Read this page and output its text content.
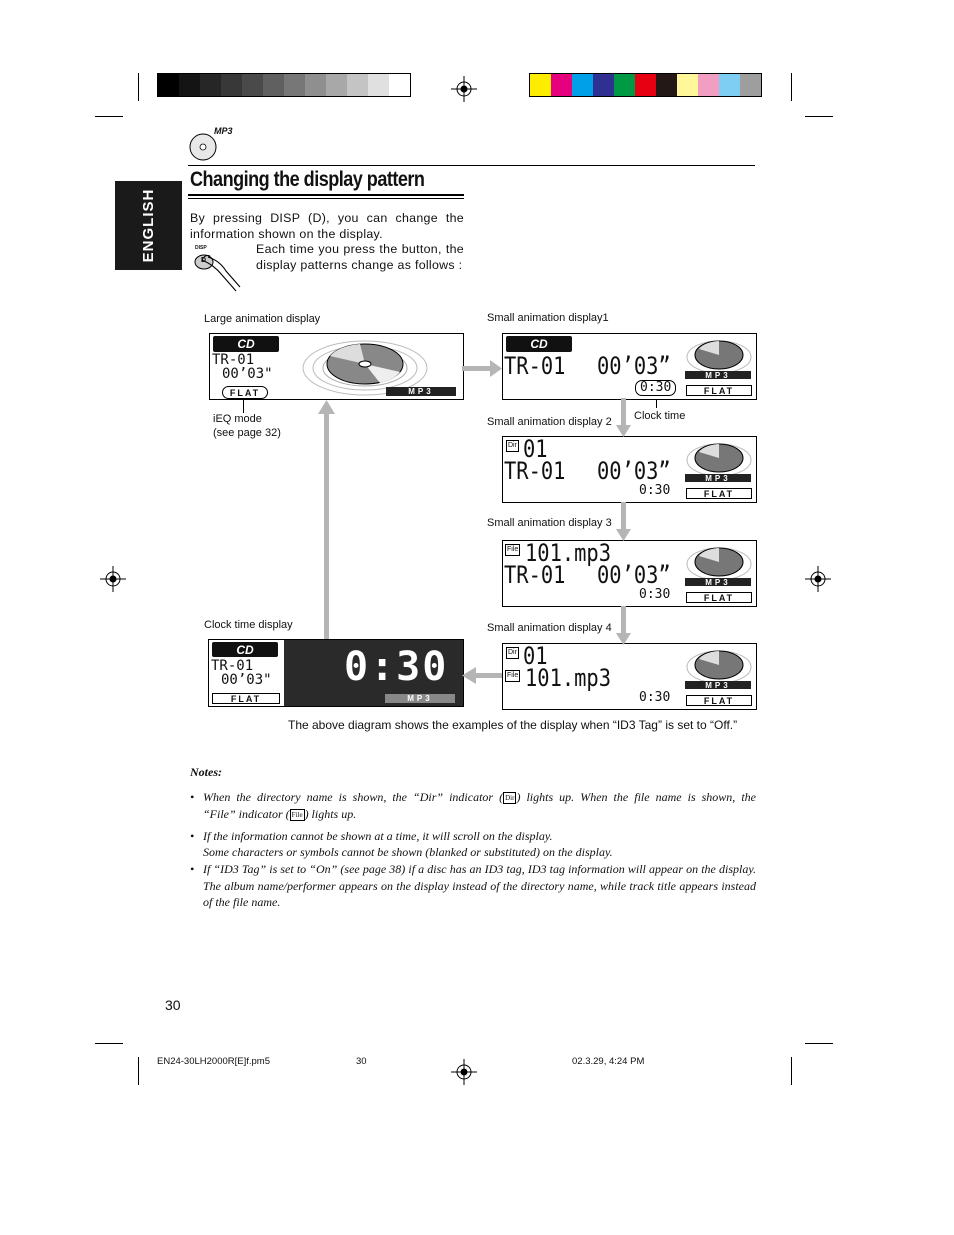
MP3
ENGLISH
Changing the display pattern
By pressing DISP (D), you can change the information shown on the display.
Each time you press the button, the display patterns change as follows :
DISP
D
Large animation display	Small animation display1
Small animation display 2
Small animation display 3
Small animation display 4
Clock time display
Clock time
iEQ mode
(see page 32)
CD
TR-01
00’03"
FLAT	MP3
CD
TR-01 00’03”
0:30
MP3
FLAT
Dir 01
TR-01 00’03”
0:30
MP3
FLAT
File 101.mp3
TR-01 00’03”
0:30
MP3
FLAT
Dir 01
File 101.mp3
0:30
MP3
FLAT
CD
TR-01
00’03"
FLAT
0:30
MP3
The above diagram shows the examples of the display when “ID3 Tag” is set to “Off.”
Notes:
• When the directory name is shown, the “Dir” indicator ( Dir ) lights up. When the file name is shown, the
“File” indicator ( File ) lights up.
• If the information cannot be shown at a time, it will scroll on the display.
Some characters or symbols cannot be shown (blanked or substituted) on the display.
• If “ID3 Tag” is set to “On” (see page 38) if a disc has an ID3 tag, ID3 tag information will appear on the display. The album name/performer appears on the display instead of the directory name, while track title appears instead of the file name.
30
EN24-30LH2000R[E]f.pm5	30	02.3.29, 4:24 PM
